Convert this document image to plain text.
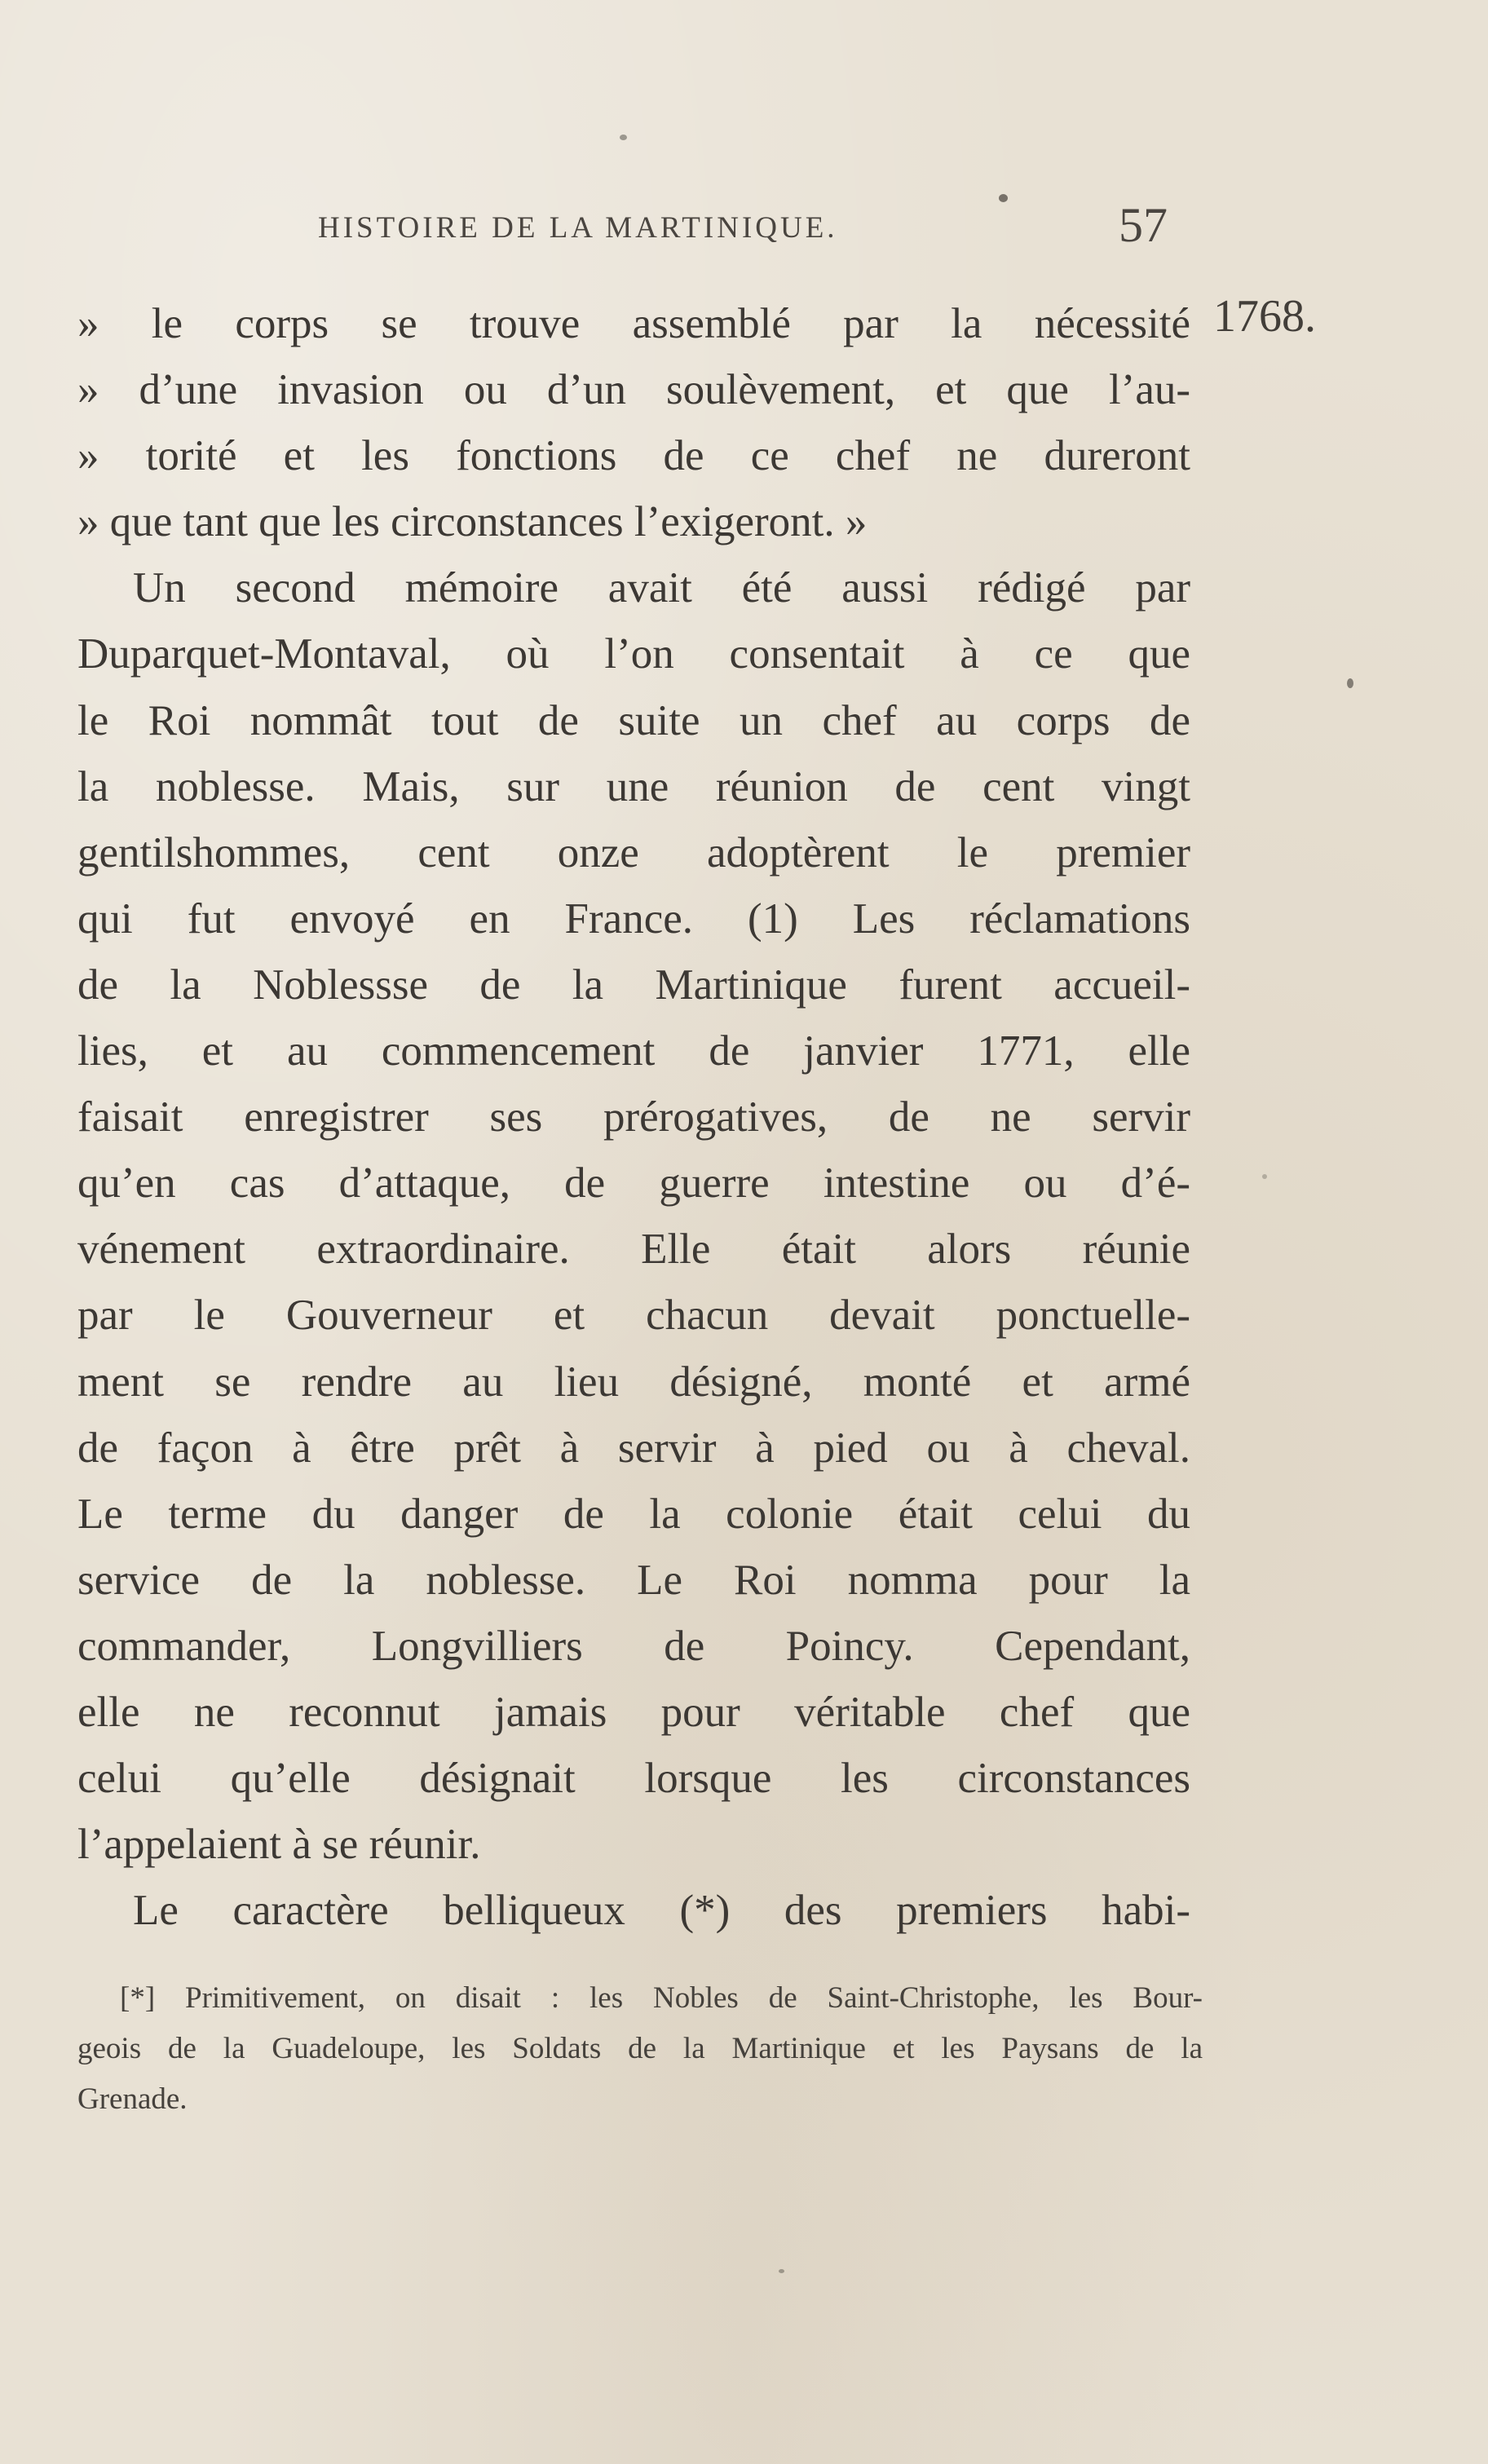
HISTOIRE DE LA MARTINIQUE.	57
1768.
» le corps se trouve assemblé par la nécessité
» d’une invasion ou d’un soulèvement, et que l’au-
» torité et les fonctions de ce chef ne dureront
» que tant que les circonstances l’exigeront. »
Un second mémoire avait été aussi rédigé par
Duparquet-Montaval, où l’on consentait à ce que
le Roi nommât tout de suite un chef au corps de
la noblesse. Mais, sur une réunion de cent vingt
gentilshommes, cent onze adoptèrent le premier
qui fut envoyé en France. (1) Les réclamations
de la Noblessse de la Martinique furent accueil-
lies, et au commencement de janvier 1771, elle
faisait enregistrer ses prérogatives, de ne servir
qu’en cas d’attaque, de guerre intestine ou d’é-
vénement extraordinaire. Elle était alors réunie
par le Gouverneur et chacun devait ponctuelle-
ment se rendre au lieu désigné, monté et armé
de façon à être prêt à servir à pied ou à cheval.
Le terme du danger de la colonie était celui du
service de la noblesse. Le Roi nomma pour la
commander, Longvilliers de Poincy. Cependant,
elle ne reconnut jamais pour véritable chef que
celui qu’elle désignait lorsque les circonstances
l’appelaient à se réunir.
Le caractère belliqueux (*) des premiers habi-
[*] Primitivement, on disait : les Nobles de Saint-Christophe, les Bour-
geois de la Guadeloupe, les Soldats de la Martinique et les Paysans de la
Grenade.
